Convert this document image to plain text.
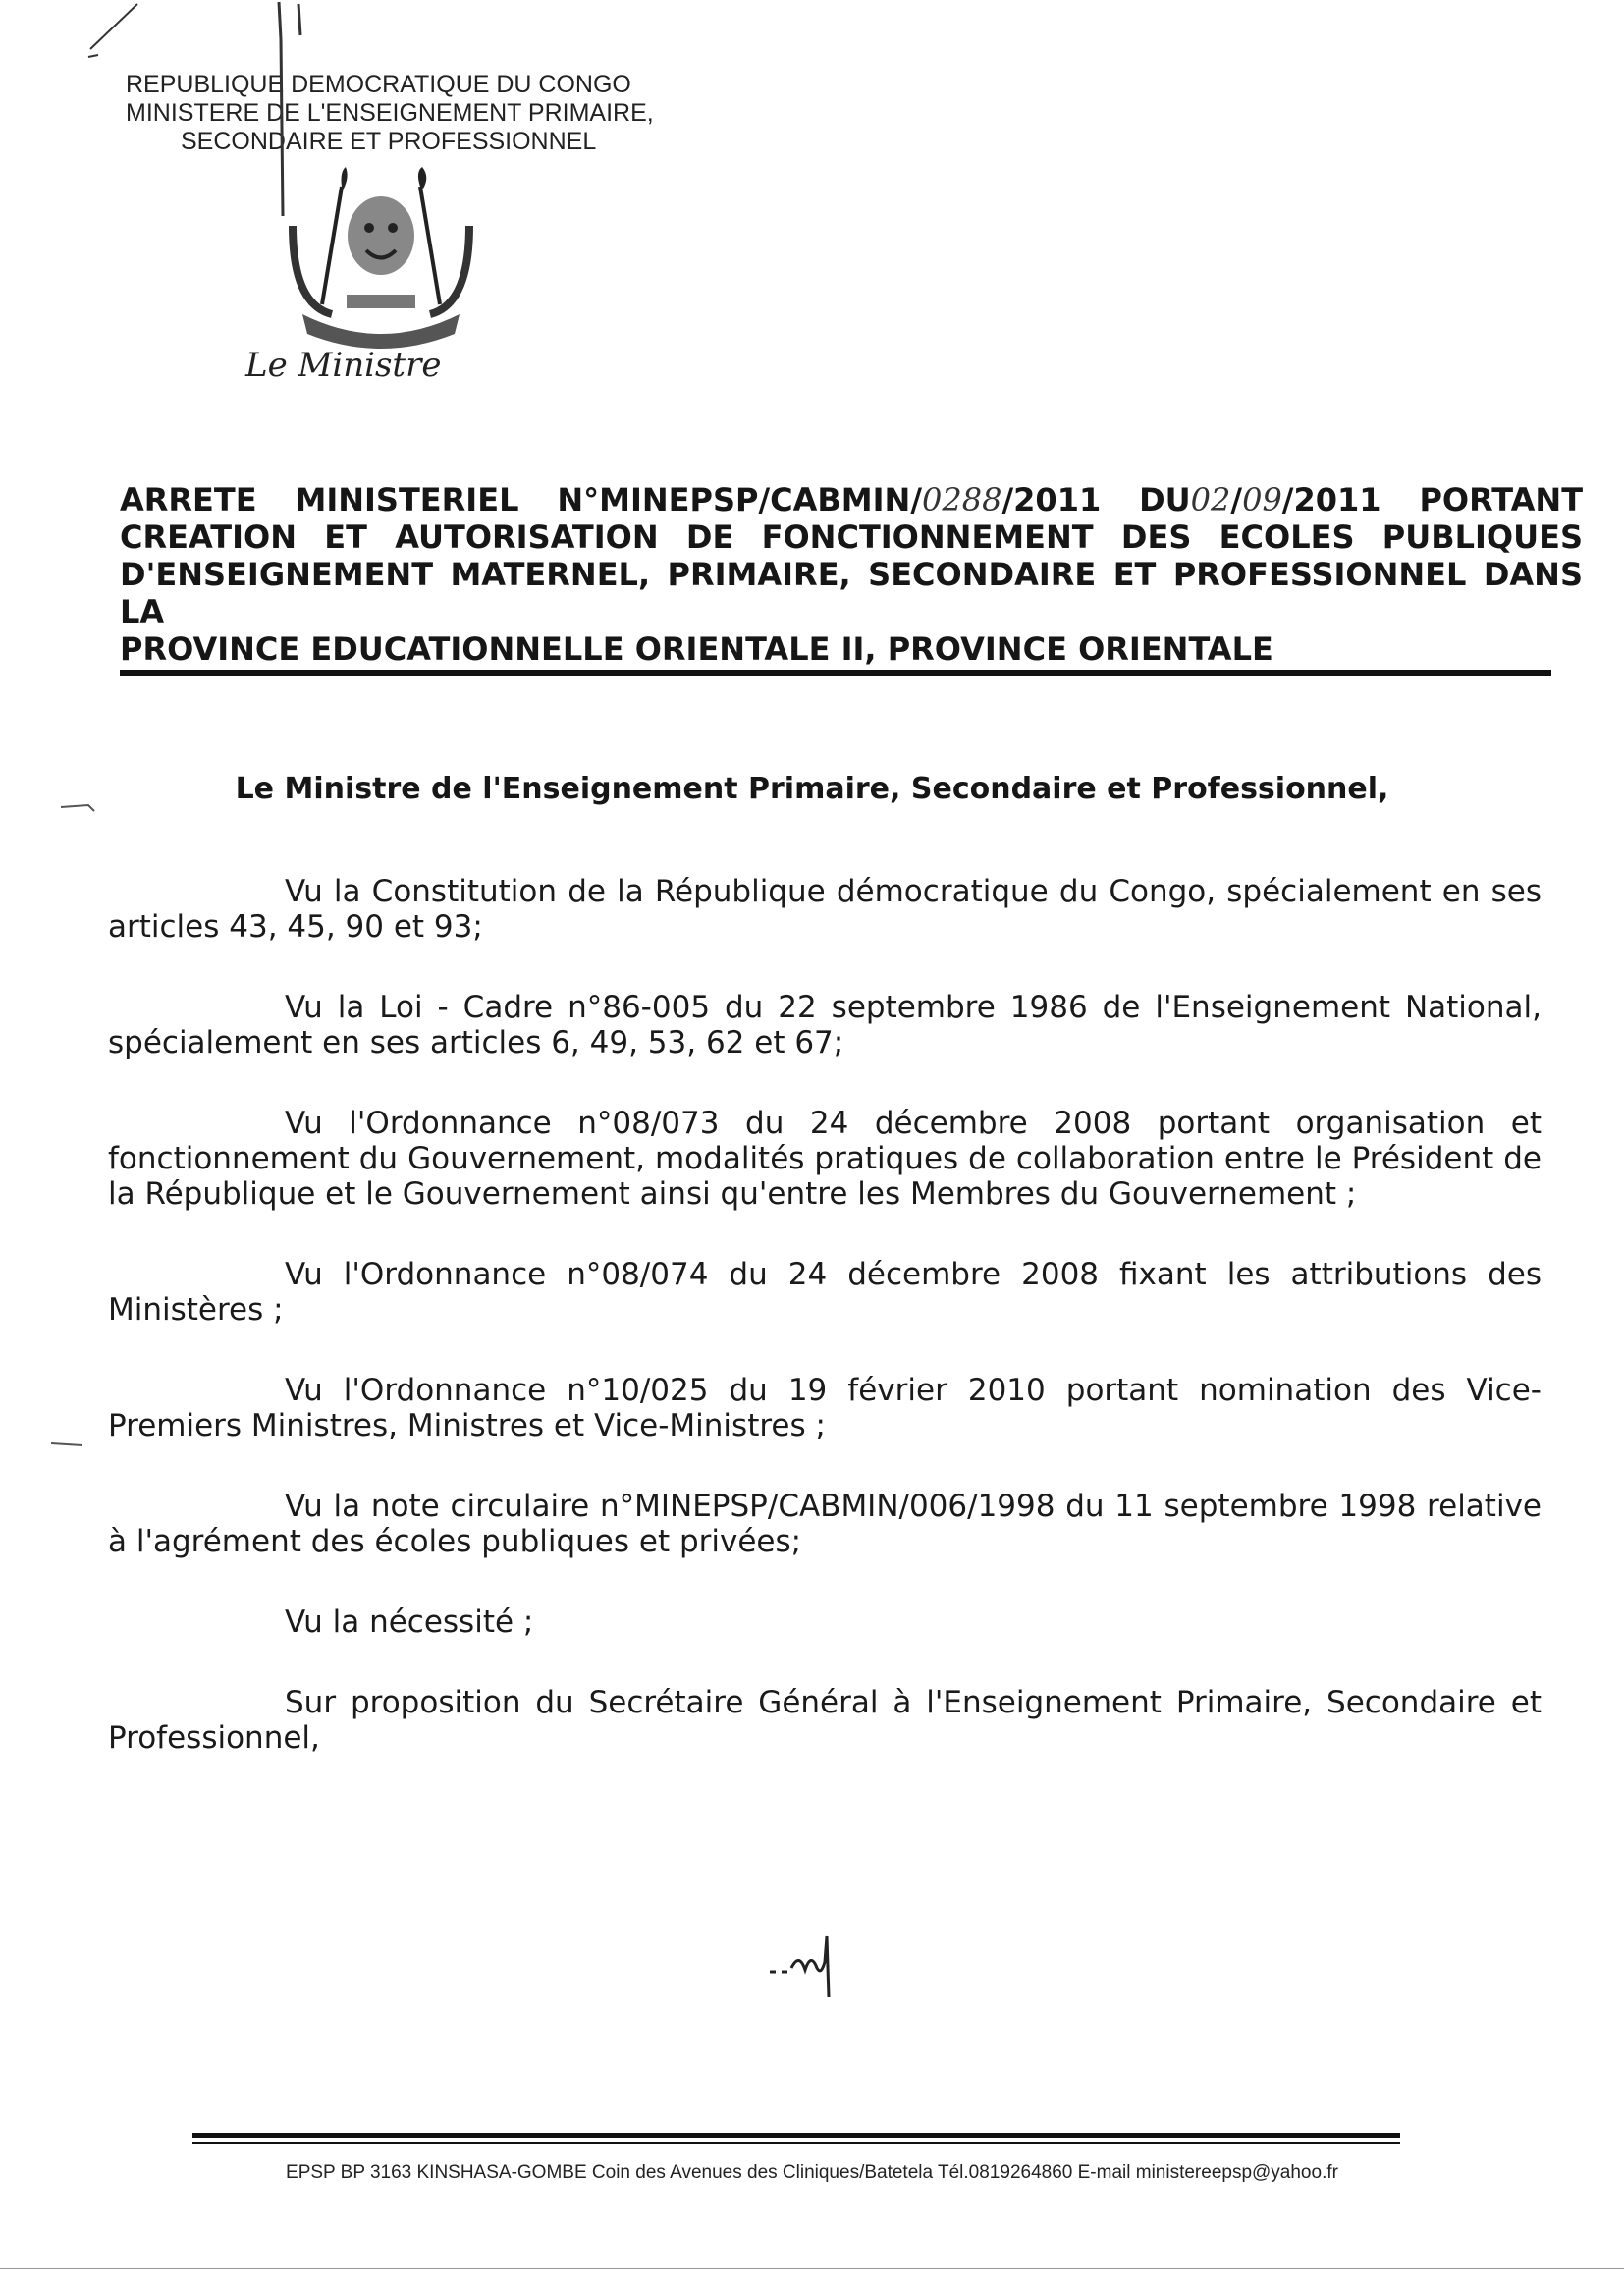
REPUBLIQUE DEMOCRATIQUE DU CONGO
MINISTERE DE L'ENSEIGNEMENT PRIMAIRE,
SECONDAIRE ET PROFESSIONNEL
Le Ministre
ARRETE MINISTERIEL N°MINEPSP/CABMIN/0288/2011 DU02/09/2011 PORTANT CREATION ET AUTORISATION DE FONCTIONNEMENT DES ECOLES PUBLIQUES D'ENSEIGNEMENT MATERNEL, PRIMAIRE, SECONDAIRE ET PROFESSIONNEL DANS LA
PROVINCE EDUCATIONNELLE ORIENTALE II, PROVINCE ORIENTALE
Le Ministre de l'Enseignement Primaire, Secondaire et Professionnel,

Vu la Constitution de la République démocratique du Congo, spécialement en ses articles 43, 45, 90 et 93;

Vu la Loi - Cadre n°86-005 du 22 septembre 1986 de l'Enseignement National, spécialement en ses articles 6, 49, 53, 62 et 67;

Vu l'Ordonnance n°08/073 du 24 décembre 2008 portant organisation et fonctionnement du Gouvernement, modalités pratiques de collaboration entre le Président de la République et le Gouvernement ainsi qu'entre les Membres du Gouvernement ;

Vu l'Ordonnance n°08/074 du 24 décembre 2008 fixant les attributions des Ministères ;

Vu l'Ordonnance n°10/025 du 19 février 2010 portant nomination des Vice-Premiers Ministres, Ministres et Vice-Ministres ;

Vu la note circulaire n°MINEPSP/CABMIN/006/1998 du 11 septembre 1998 relative à l'agrément des écoles publiques et privées;

Vu la nécessité ;

Sur proposition du Secrétaire Général à l'Enseignement Primaire, Secondaire et Professionnel,

EPSP BP 3163 KINSHASA-GOMBE Coin des Avenues des Cliniques/Batetela Tél.0819264860 E-mail ministereepsp@yahoo.fr
